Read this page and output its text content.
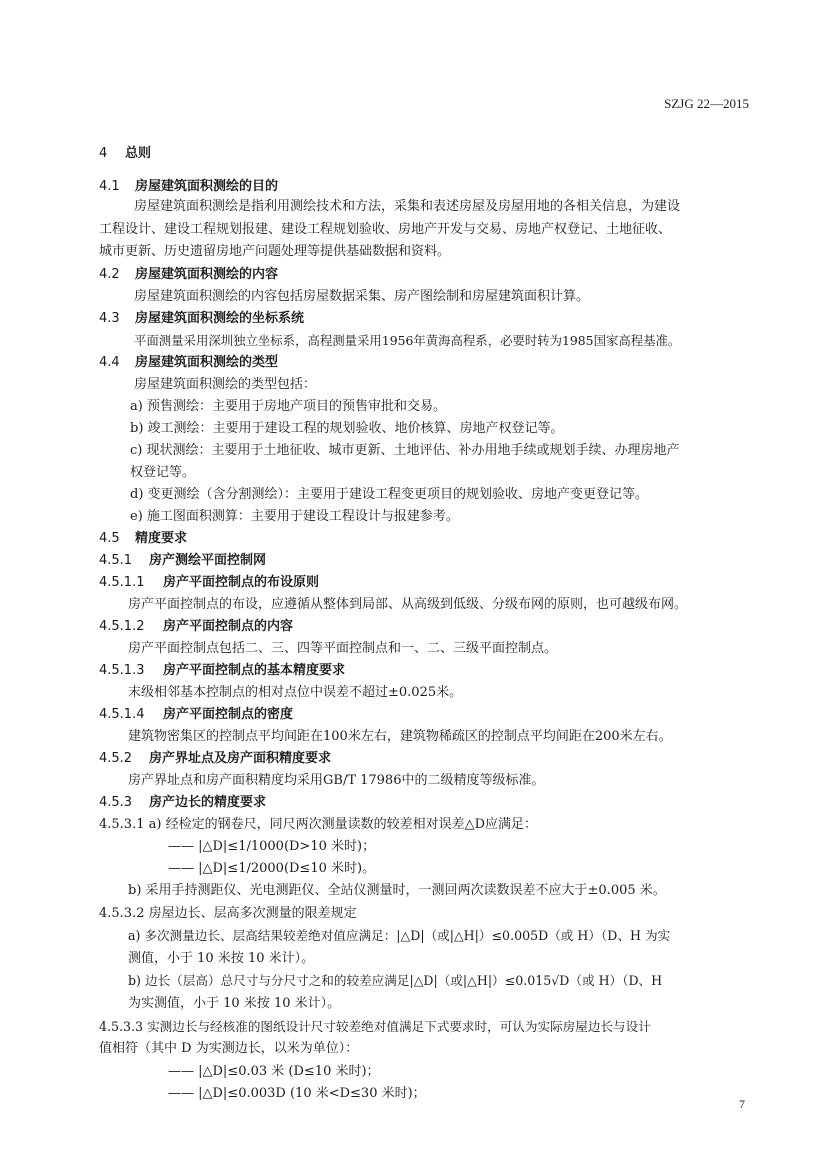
SZJG 22—2015
4 总则
4.1 房屋建筑面积测绘的目的
房屋建筑面积测绘是指利用测绘技术和方法，采集和表述房屋及房屋用地的各相关信息，为建设
工程设计、建设工程规划报建、建设工程规划验收、房地产开发与交易、房地产权登记、土地征收、
城市更新、历史遗留房地产问题处理等提供基础数据和资料。
4.2 房屋建筑面积测绘的内容
房屋建筑面积测绘的内容包括房屋数据采集、房产图绘制和房屋建筑面积计算。
4.3 房屋建筑面积测绘的坐标系统
平面测量采用深圳独立坐标系，高程测量采用1956年黄海高程系，必要时转为1985国家高程基准。
4.4 房屋建筑面积测绘的类型
房屋建筑面积测绘的类型包括：
a) 预售测绘：主要用于房地产项目的预售审批和交易。
b) 竣工测绘：主要用于建设工程的规划验收、地价核算、房地产权登记等。
c) 现状测绘：主要用于土地征收、城市更新、土地评估、补办用地手续或规划手续、办理房地产
权登记等。
d) 变更测绘（含分割测绘）：主要用于建设工程变更项目的规划验收、房地产变更登记等。
e) 施工图面积测算：主要用于建设工程设计与报建参考。
4.5 精度要求
4.5.1 房产测绘平面控制网
4.5.1.1 房产平面控制点的布设原则
房产平面控制点的布设，应遵循从整体到局部、从高级到低级、分级布网的原则，也可越级布网。
4.5.1.2 房产平面控制点的内容
房产平面控制点包括二、三、四等平面控制点和一、二、三级平面控制点。
4.5.1.3 房产平面控制点的基本精度要求
末级相邻基本控制点的相对点位中误差不超过±0.025米。
4.5.1.4 房产平面控制点的密度
建筑物密集区的控制点平均间距在100米左右，建筑物稀疏区的控制点平均间距在200米左右。
4.5.2 房产界址点及房产面积精度要求
房产界址点和房产面积精度均采用GB/T 17986中的二级精度等级标准。
4.5.3 房产边长的精度要求
4.5.3.1 a) 经检定的钢卷尺，同尺两次测量读数的较差相对误差△D应满足：
—— |△D|≤1/1000(D>10 米时)；
—— |△D|≤1/2000(D≤10 米时)。
b) 采用手持测距仪、光电测距仪、全站仪测量时，一测回两次读数误差不应大于±0.005 米。
4.5.3.2 房屋边长、层高多次测量的限差规定
a) 多次测量边长、层高结果较差绝对值应满足：|△D|（或|△H|）≤0.005D（或 H）（D、H 为实
测值，小于 10 米按 10 米计）。
b) 边长（层高）总尺寸与分尺寸之和的较差应满足|△D|（或|△H|）≤0.015√D（或 H）（D、H
为实测值，小于 10 米按 10 米计）。
4.5.3.3 实测边长与经核准的图纸设计尺寸较差绝对值满足下式要求时，可认为实际房屋边长与设计
值相符（其中 D 为实测边长，以米为单位）：
—— |△D|≤0.03 米 (D≤10 米时)；
—— |△D|≤0.003D (10 米<D≤30 米时)；
7
